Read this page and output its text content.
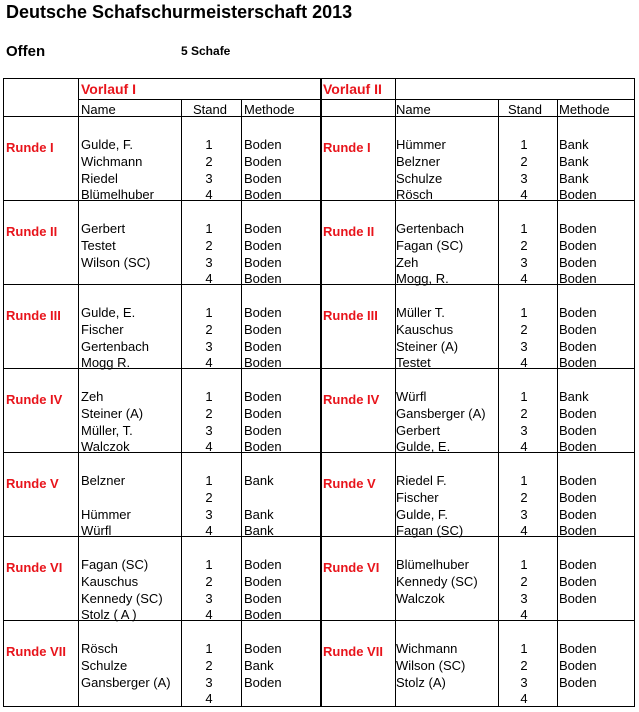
Deutsche Schafschurmeisterschaft 2013
Offen	5 Schafe
Vorlauf I
Name	Stand Methode
Runde I Gulde, F.	1	Boden
Wichmann	2	Boden
Riedel	3	Boden
Blümelhuber	4	Boden
Runde II Gerbert	1	Boden
Testet	2	Boden
Wilson (SC)	3	Boden
4	Boden
Runde III Gulde, E.	1	Boden
Fischer	2	Boden
Gertenbach	3	Boden
Mogg R.	4	Boden
Runde IV Zeh	1	Boden
Steiner (A)	2	Boden
Müller, T.	3	Boden
Walczok	4	Boden
Runde V Belzner	1	Bank
2
Hümmer	3	Bank
Würfl	4	Bank
Runde VI Fagan (SC)	1	Boden
Kauschus	2	Boden
Kennedy (SC)	3	Boden
Stolz ( A )	4	Boden
Runde VII Rösch	1	Boden
Schulze	2	Bank
Gansberger (A)	3	Boden
4
Vorlauf II
Name	Stand Methode
Runde I Hümmer	1	Bank
Belzner	2	Bank
Schulze	3	Bank
Rösch	4	Boden
Runde II Gertenbach	1	Boden
Fagan (SC)	2	Boden
Zeh	3	Boden
Mogg, R.	4	Boden
Runde III Müller T.	1	Boden
Kauschus	2	Boden
Steiner (A)	3	Boden
Testet	4	Boden
Runde IV Würfl	1	Bank
Gansberger (A)	2	Boden
Gerbert	3	Boden
Gulde, E.	4	Boden
Runde V Riedel F.	1	Boden
Fischer	2	Boden
Gulde, F.	3	Boden
Fagan (SC)	4	Boden
Runde VI Blümelhuber	1	Boden
Kennedy (SC)	2	Boden
Walczok	3	Boden
4
Runde VII Wichmann	1	Boden
Wilson (SC)	2	Boden
Stolz (A)	3	Boden
4
